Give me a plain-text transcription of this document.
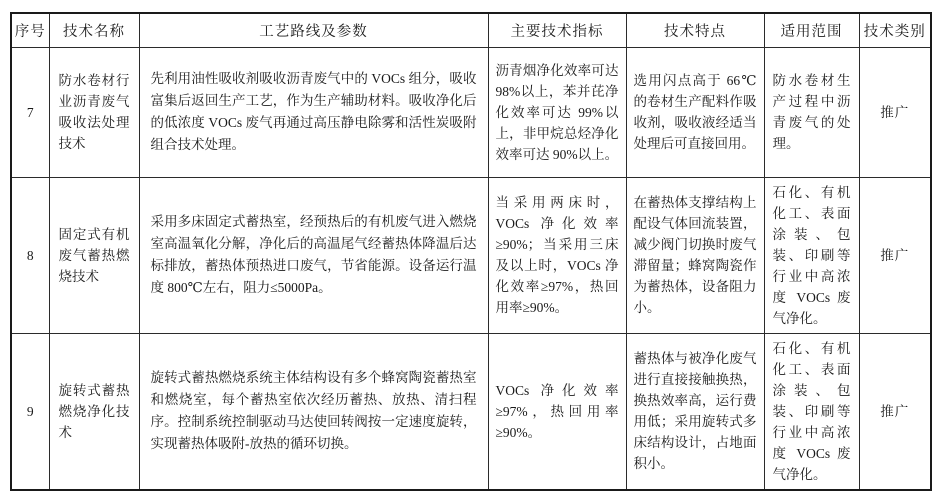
序号	技术名称	工艺路线及参数	主要技术指标	技术特点	适用范围	技术类别
7	防水卷材行业沥青废气吸收法处理技术	先利用油性吸收剂吸收沥青废气中的 VOCs 组分，吸收富集后返回生产工艺，作为生产辅助材料。吸收净化后的低浓度 VOCs 废气再通过高压静电除雾和活性炭吸附组合技术处理。	沥青烟净化效率可达 98%以上，苯并芘净化效率可达 99%以上，非甲烷总烃净化效率可达 90%以上。	选用闪点高于 66℃ 的卷材生产配料作吸收剂，吸收液经适当处理后可直接回用。	防水卷材生产过程中沥青废气的处理。	推广
8	固定式有机废气蓄热燃烧技术	采用多床固定式蓄热室，经预热后的有机废气进入燃烧室高温氧化分解，净化后的高温尾气经蓄热体降温后达标排放，蓄热体预热进口废气，节省能源。设备运行温度 800℃左右，阻力≤5000Pa。	当采用两床时，VOCs 净化效率≥90%；当采用三床及以上时，VOCs 净化效率≥97%，热回用率≥90%。	在蓄热体支撑结构上配设气体回流装置，减少阀门切换时废气滞留量；蜂窝陶瓷作为蓄热体，设备阻力小。	石化、有机化工、表面涂装、包装、印刷等行业中高浓度 VOCs 废气净化。	推广
9	旋转式蓄热燃烧净化技术	旋转式蓄热燃烧系统主体结构设有多个蜂窝陶瓷蓄热室和燃烧室，每个蓄热室依次经历蓄热、放热、清扫程序。控制系统控制驱动马达使回转阀按一定速度旋转，实现蓄热体吸附-放热的循环切换。	VOCs 净化效率≥97%，热回用率≥90%。	蓄热体与被净化废气进行直接接触换热，换热效率高，运行费用低；采用旋转式多床结构设计，占地面积小。	石化、有机化工、表面涂装、包装、印刷等行业中高浓度 VOCs 废气净化。	推广
